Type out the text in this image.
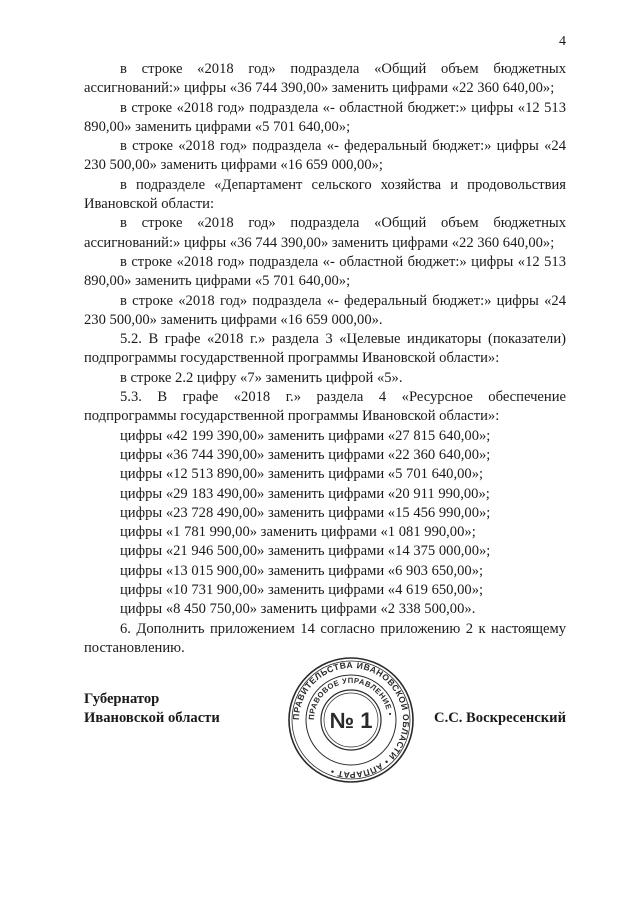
4

в строке «2018 год» подраздела «Общий объем бюджетных ассигнований:» цифры «36 744 390,00» заменить цифрами «22 360 640,00»;

в строке «2018 год» подраздела «- областной бюджет:» цифры «12 513 890,00» заменить цифрами «5 701 640,00»;

в строке «2018 год» подраздела «- федеральный бюджет:» цифры «24 230 500,00» заменить цифрами «16 659 000,00»;

в подразделе «Департамент сельского хозяйства и продовольствия Ивановской области:

в строке «2018 год» подраздела «Общий объем бюджетных ассигнований:» цифры «36 744 390,00» заменить цифрами «22 360 640,00»;

в строке «2018 год» подраздела «- областной бюджет:» цифры «12 513 890,00» заменить цифрами «5 701 640,00»;

в строке «2018 год» подраздела «- федеральный бюджет:» цифры «24 230 500,00» заменить цифрами «16 659 000,00».

5.2. В графе «2018 г.» раздела 3 «Целевые индикаторы (показатели) подпрограммы государственной программы Ивановской области»:

в строке 2.2 цифру «7» заменить цифрой «5».

5.3. В графе «2018 г.» раздела 4 «Ресурсное обеспечение подпрограммы государственной программы Ивановской области»:

цифры «42 199 390,00» заменить цифрами «27 815 640,00»;

цифры «36 744 390,00» заменить цифрами «22 360 640,00»;

цифры «12 513 890,00» заменить цифрами «5 701 640,00»;

цифры «29 183 490,00» заменить цифрами «20 911 990,00»;

цифры «23 728 490,00» заменить цифрами «15 456 990,00»;

цифры «1 781 990,00» заменить цифрами «1 081 990,00»;

цифры «21 946 500,00» заменить цифрами «14 375 000,00»;

цифры «13 015 900,00» заменить цифрами «6 903 650,00»;

цифры «10 731 900,00» заменить цифрами «4 619 650,00»;

цифры «8 450 750,00» заменить цифрами «2 338 500,00».

6. Дополнить приложением 14 согласно приложению 2 к настоящему постановлению.

Губернатор
Ивановской области	ПРАВИТЕЛЬСТВА ИВАНОВСКОЙ ОБЛАСТИ • АППАРАТ •
ПРАВОВОЕ УПРАВЛЕНИЕ •
№ 1	С.С. Воскресенский
